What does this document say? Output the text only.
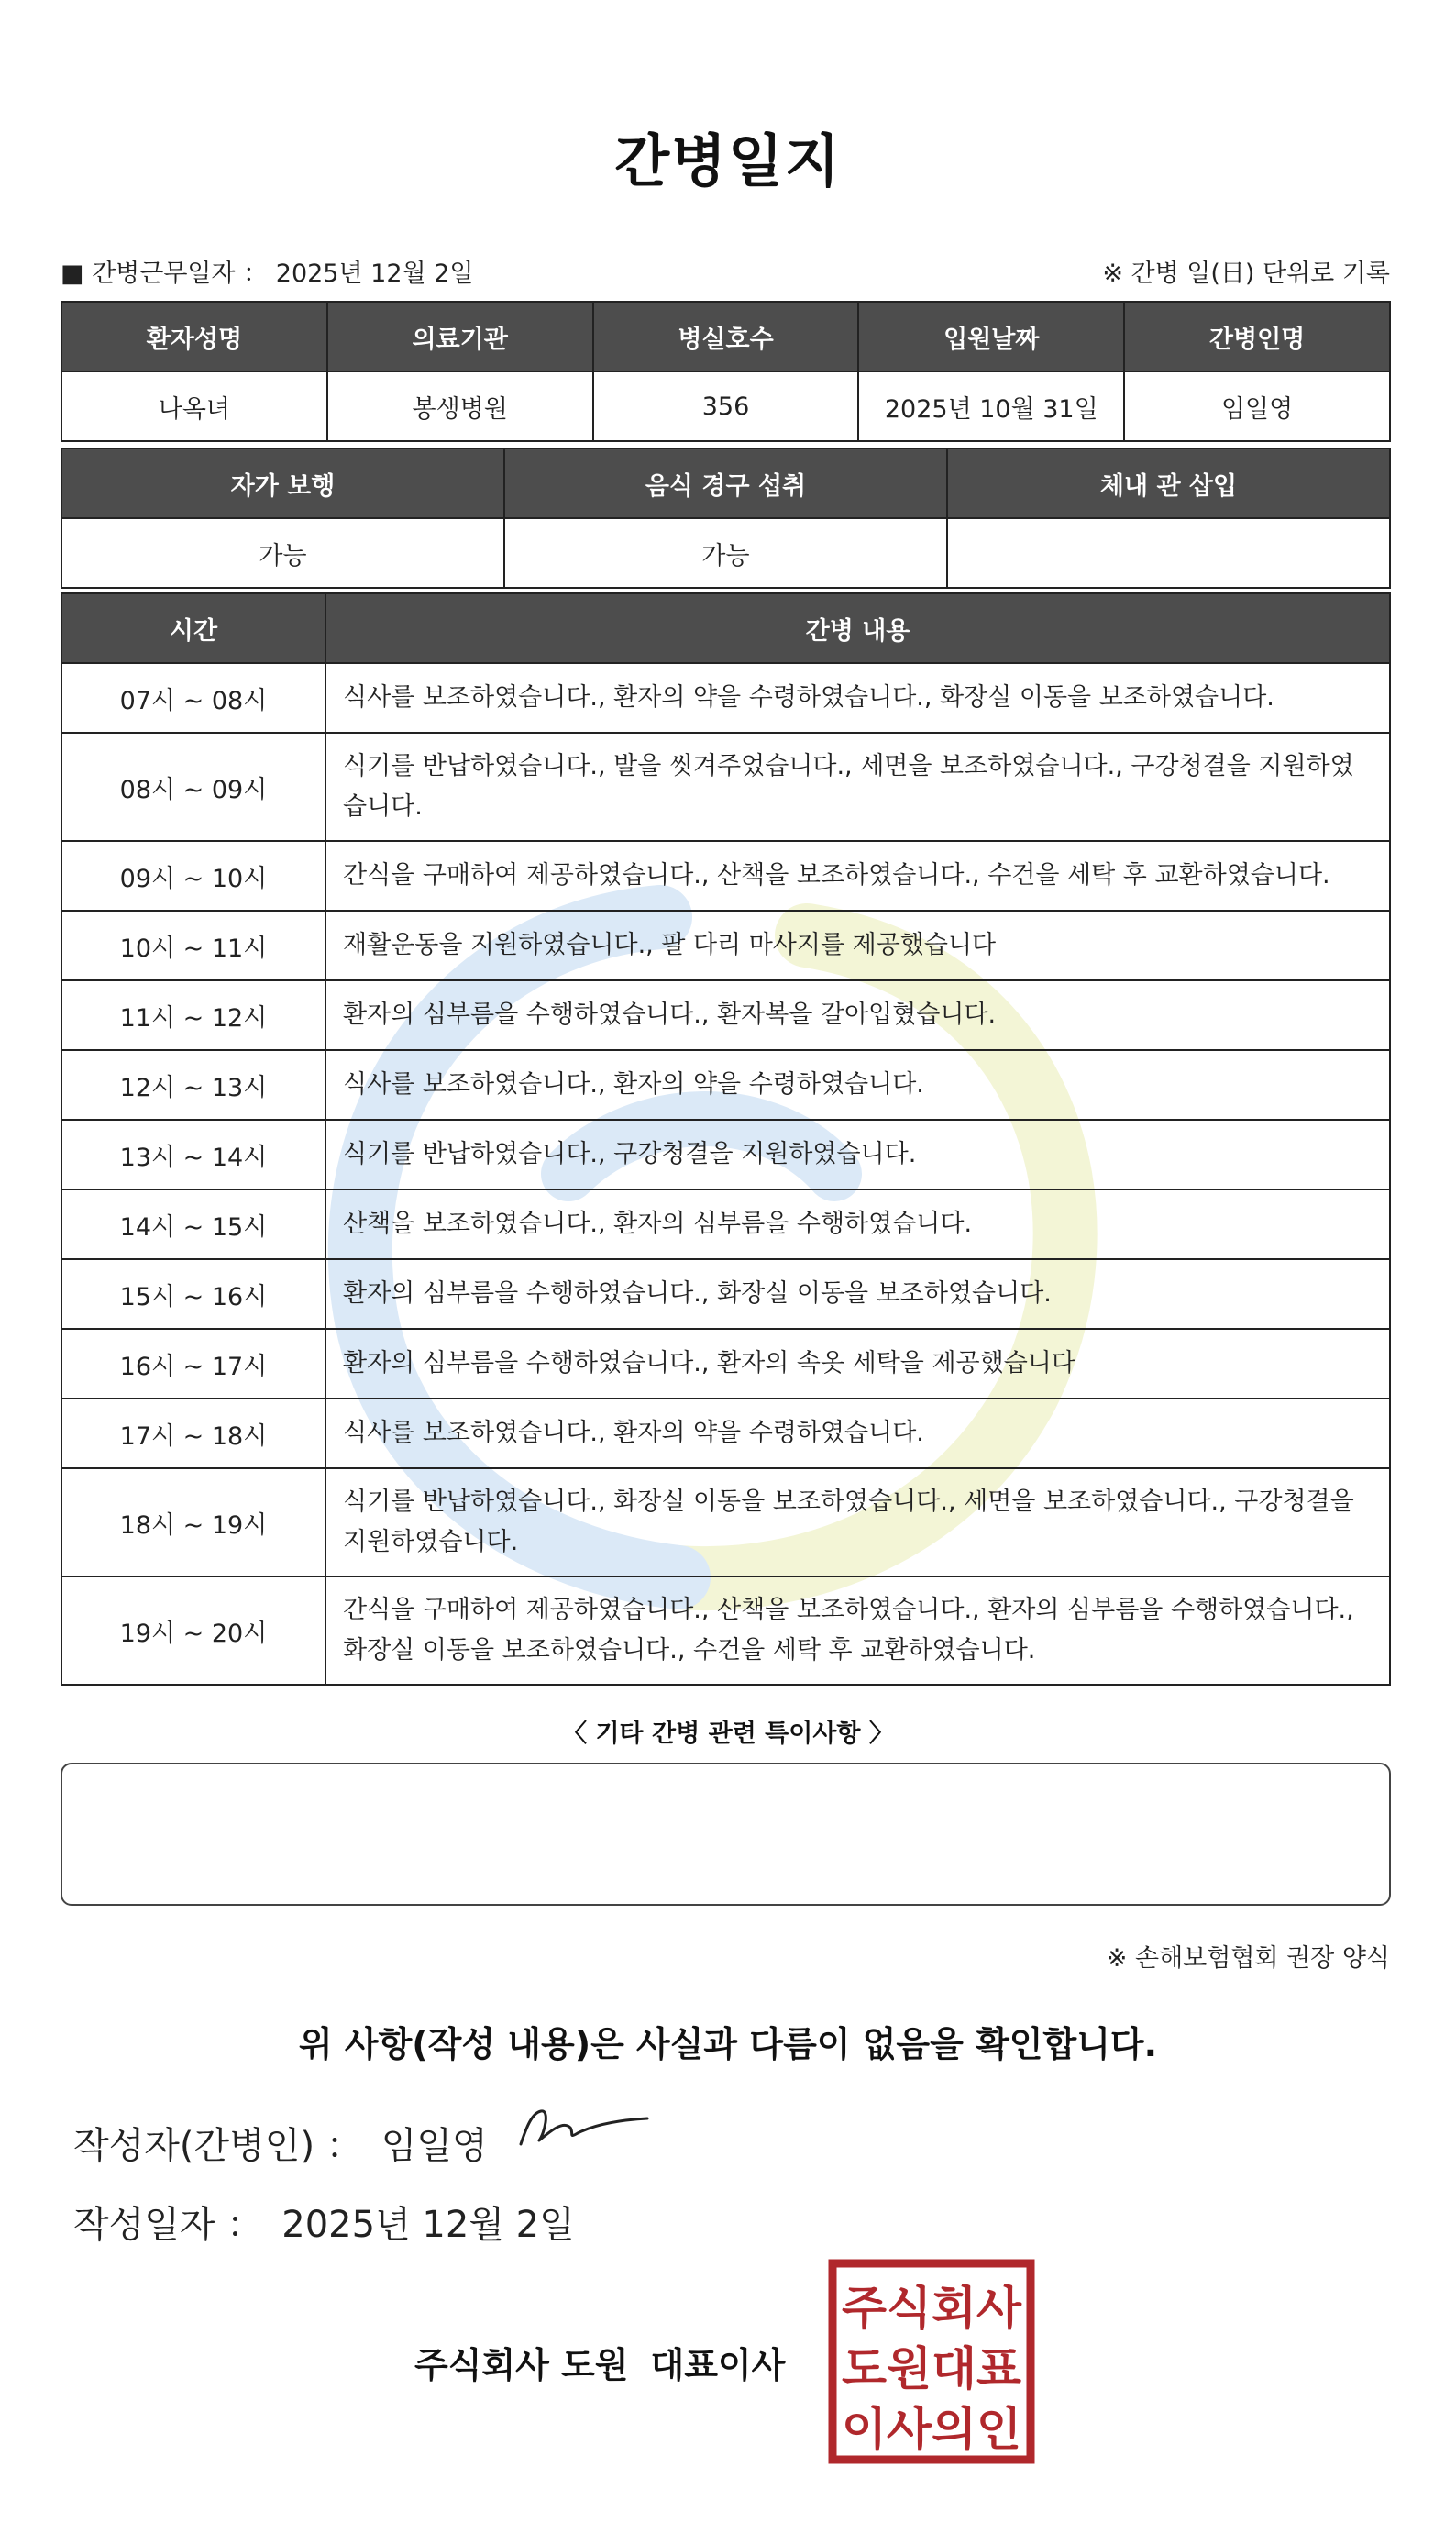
간병일지
■ 간병근무일자 ： 2025년 12월 2일	※ 간병 일(日) 단위로 기록
환자성명	의료기관	병실호수	입원날짜	간병인명
나옥녀	봉생병원	356	2025년 10월 31일	임일영
자가 보행	음식 경구 섭취	체내 관 삽입
가능	가능	
시간	간병 내용
07시 ~ 08시	식사를 보조하였습니다., 환자의 약을 수령하였습니다., 화장실 이동을 보조하였습니다.
08시 ~ 09시	식기를 반납하였습니다., 발을 씻겨주었습니다., 세면을 보조하였습니다., 구강청결을 지원하였습니다.
09시 ~ 10시	간식을 구매하여 제공하였습니다., 산책을 보조하였습니다., 수건을 세탁 후 교환하였습니다.
10시 ~ 11시	재활운동을 지원하였습니다., 팔 다리 마사지를 제공했습니다
11시 ~ 12시	환자의 심부름을 수행하였습니다., 환자복을 갈아입혔습니다.
12시 ~ 13시	식사를 보조하였습니다., 환자의 약을 수령하였습니다.
13시 ~ 14시	식기를 반납하였습니다., 구강청결을 지원하였습니다.
14시 ~ 15시	산책을 보조하였습니다., 환자의 심부름을 수행하였습니다.
15시 ~ 16시	환자의 심부름을 수행하였습니다., 화장실 이동을 보조하였습니다.
16시 ~ 17시	환자의 심부름을 수행하였습니다., 환자의 속옷 세탁을 제공했습니다
17시 ~ 18시	식사를 보조하였습니다., 환자의 약을 수령하였습니다.
18시 ~ 19시	식기를 반납하였습니다., 화장실 이동을 보조하였습니다., 세면을 보조하였습니다., 구강청결을 지원하였습니다.
19시 ~ 20시	간식을 구매하여 제공하였습니다., 산책을 보조하였습니다., 환자의 심부름을 수행하였습니다., 화장실 이동을 보조하였습니다., 수건을 세탁 후 교환하였습니다.
〈 기타 간병 관련 특이사항 〉
※ 손해보험협회 권장 양식
위 사항(작성 내용)은 사실과 다름이 없음을 확인합니다.
작성자(간병인) ： 임일영
작성일자 ： 2025년 12월 2일
주식회사 도원 대표이사
주식회사
도원대표
이사의인
